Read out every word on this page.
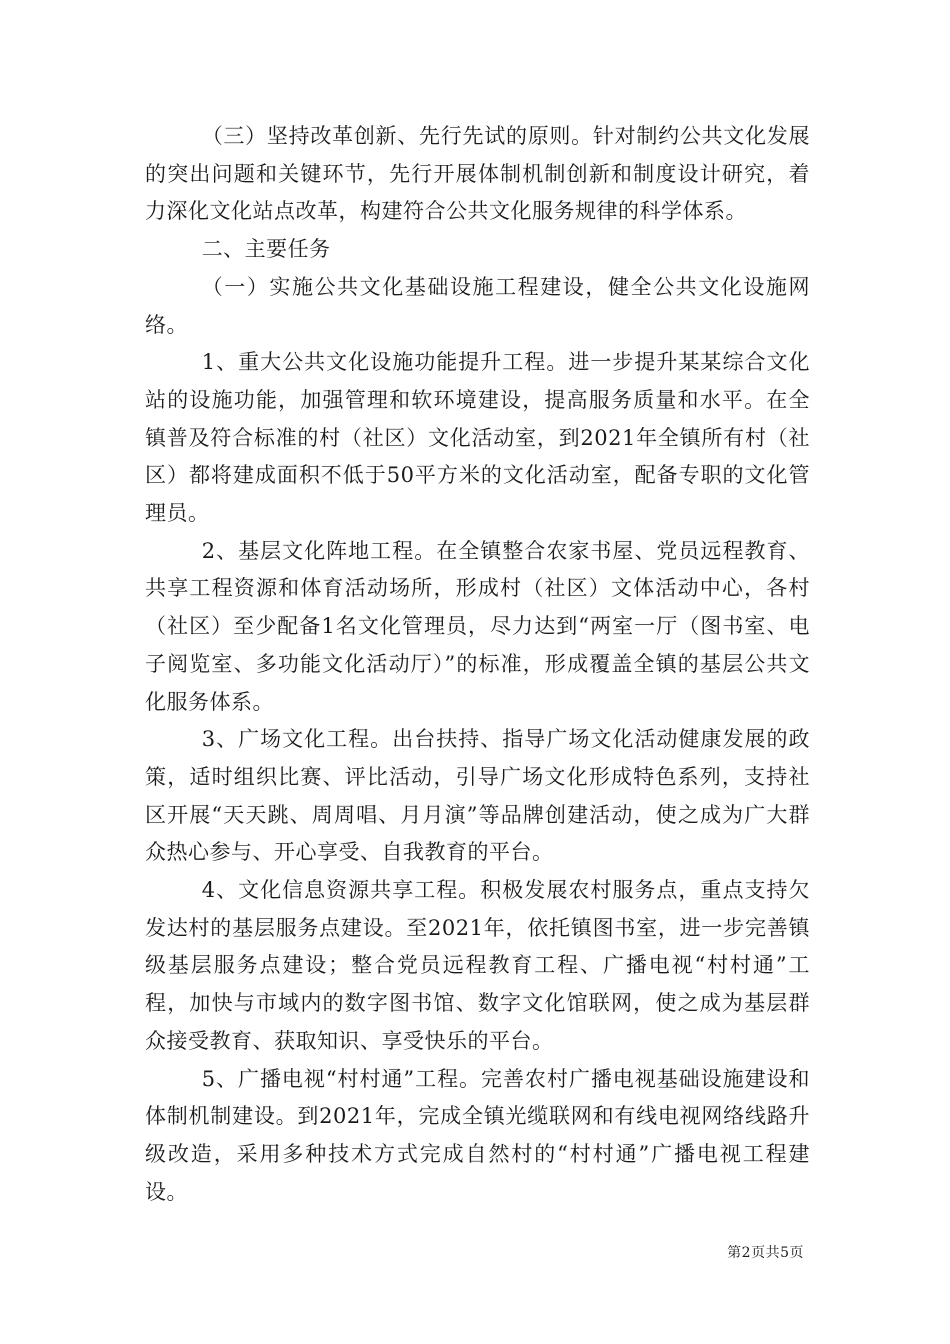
（三）坚持改革创新、先行先试的原则。针对制约公共文化发展的突出问题和关键环节，先行开展体制机制创新和制度设计研究，着力深化文化站点改革，构建符合公共文化服务规律的科学体系。

二、主要任务

（一）实施公共文化基础设施工程建设，健全公共文化设施网络。

1、重大公共文化设施功能提升工程。进一步提升某某综合文化站的设施功能，加强管理和软环境建设，提高服务质量和水平。在全镇普及符合标准的村（社区）文化活动室，到2021年全镇所有村（社区）都将建成面积不低于50平方米的文化活动室，配备专职的文化管理员。

2、基层文化阵地工程。在全镇整合农家书屋、党员远程教育、共享工程资源和体育活动场所，形成村（社区）文体活动中心，各村（社区）至少配备1名文化管理员，尽力达到“两室一厅（图书室、电子阅览室、多功能文化活动厅）”的标准，形成覆盖全镇的基层公共文化服务体系。

3、广场文化工程。出台扶持、指导广场文化活动健康发展的政策，适时组织比赛、评比活动，引导广场文化形成特色系列，支持社区开展“天天跳、周周唱、月月演”等品牌创建活动，使之成为广大群众热心参与、开心享受、自我教育的平台。

4、文化信息资源共享工程。积极发展农村服务点，重点支持欠发达村的基层服务点建设。至2021年，依托镇图书室，进一步完善镇级基层服务点建设；整合党员远程教育工程、广播电视“村村通”工程，加快与市域内的数字图书馆、数字文化馆联网，使之成为基层群众接受教育、获取知识、享受快乐的平台。

5、广播电视“村村通”工程。完善农村广播电视基础设施建设和体制机制建设。到2021年，完成全镇光缆联网和有线电视网络线路升级改造，采用多种技术方式完成自然村的“村村通”广播电视工程建设。

第2页共5页
